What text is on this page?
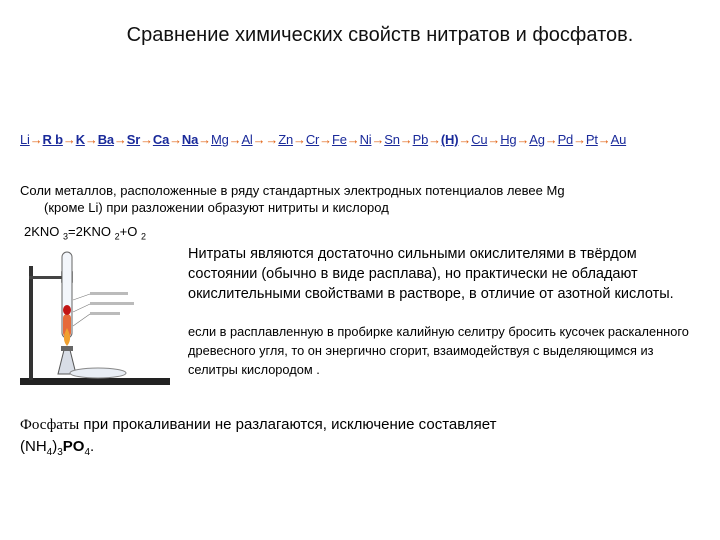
Сравнение химических свойств нитратов и фосфатов.
Li→R b→K→Ba→Sr→Ca→Na→Mg→Al→→Zn→Cr→Fe→Ni→Sn→Pb→(H)→Cu→Hg→Ag→Pd→Pt→Au
Соли металлов, расположенные в ряду стандартных электродных потенциалов левее Mg
(кроме Li) при разложении образуют нитриты и кислород
2KNO $_3$=2KNO $_2$+O $_2$
Нитраты являются достаточно сильными окислителями в твёрдом состоянии (обычно в виде расплава), но практически не обладают окислительными свойствами в растворе, в отличие от азотной кислоты.
если в расплавленную в пробирке калийную селитру бросить кусочек раскаленного древесного угля, то он энергично сгорит, взаимодействуя с выделяющимся из селитры кислородом .
Фосфаты при прокаливании не разлагаются, исключение составляет
$(NH_4)_3PO_4$.
